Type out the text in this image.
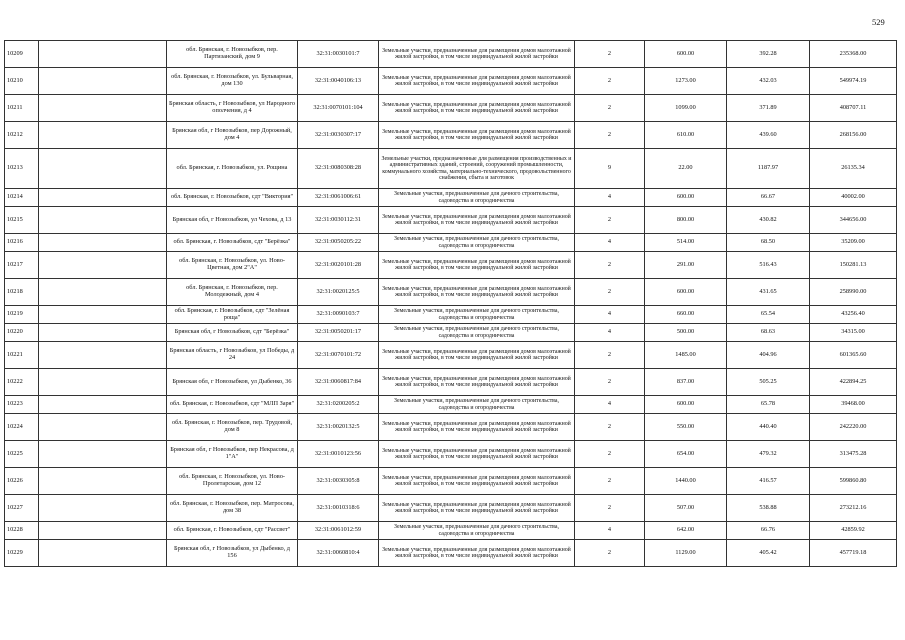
529
10209		обл. Брянская, г. Новозыбков, пер. Партизанский, дом 9	32:31:0030101:7	Земельные участки, предназначенные для размещения домов малоэтажной жилой застройки, в том числе индивидуальной жилой застройки	2	600.00	392.28	235368.00
10210		обл. Брянская, г. Новозыбков, ул. Бульварная, дом 130	32:31:0040106:13	Земельные участки, предназначенные для размещения домов малоэтажной жилой застройки, в том числе индивидуальной жилой застройки	2	1273.00	432.03	549974.19
10211		Брянская область, г Новозыбков, ул Народного ополчения, д 4	32:31:0070101:104	Земельные участки, предназначенные для размещения домов малоэтажной жилой застройки, в том числе индивидуальной жилой застройки	2	1099.00	371.89	408707.11
10212		Брянская обл, г Новозыбков, пер Дорожный, дом 4	32:31:0030307:17	Земельные участки, предназначенные для размещения домов малоэтажной жилой застройки, в том числе индивидуальной жилой застройки	2	610.00	439.60	268156.00
10213		обл. Брянская, г. Новозыбков, ул. Рощина	32:31:0080308:28	Земельные участки, предназначенные для размещения производственных и административных зданий, строений, сооружений промышленности, коммунального хозяйства, материально-технического, продовольственного снабжения, сбыта и заготовок	9	22.00	1187.97	26135.34
10214		обл. Брянская, г. Новозыбков, сдт "Виктория"	32:31:0061006:61	Земельные участки, предназначенные для дачного строительства, садоводства и огородничества	4	600.00	66.67	40002.00
10215		Брянская обл, г Новозыбков, ул Чехова, д 13	32:31:0030112:31	Земельные участки, предназначенные для размещения домов малоэтажной жилой застройки, в том числе индивидуальной жилой застройки	2	800.00	430.82	344656.00
10216		обл. Брянская, г. Новозыбков, сдт "Берёзка"	32:31:0050205:22	Земельные участки, предназначенные для дачного строительства, садоводства и огородничества	4	514.00	68.50	35209.00
10217		обл. Брянская, г. Новозыбков, ул. Ново-Цветная, дом 2"А"	32:31:0020101:28	Земельные участки, предназначенные для размещения домов малоэтажной жилой застройки, в том числе индивидуальной жилой застройки	2	291.00	516.43	150281.13
10218		обл. Брянская, г. Новозыбков, пер. Молодежный, дом 4	32:31:0020125:5	Земельные участки, предназначенные для размещения домов малоэтажной жилой застройки, в том числе индивидуальной жилой застройки	2	600.00	431.65	258990.00
10219		обл. Брянская, г. Новозыбков, сдт "Зелёная роща"	32:31:0090103:7	Земельные участки, предназначенные для дачного строительства, садоводства и огородничества	4	660.00	65.54	43256.40
10220		Брянская обл, г Новозыбков, сдт "Берёзка"	32:31:0050201:17	Земельные участки, предназначенные для дачного строительства, садоводства и огородничества	4	500.00	68.63	34315.00
10221		Брянская область, г Новозыбков, ул Победы, д 24	32:31:0070101:72	Земельные участки, предназначенные для размещения домов малоэтажной жилой застройки, в том числе индивидуальной жилой застройки	2	1485.00	404.96	601365.60
10222		Брянская обл, г Новозыбков, ул Дыбенко, 36	32:31:0060817:84	Земельные участки, предназначенные для размещения домов малоэтажной жилой застройки, в том числе индивидуальной жилой застройки	2	837.00	505.25	422894.25
10223		обл. Брянская, г. Новозыбков, сдт "МЛП Заря"	32:31:0200205:2	Земельные участки, предназначенные для дачного строительства, садоводства и огородничества	4	600.00	65.78	39468.00
10224		обл. Брянская, г. Новозыбков, пер. Трудовой, дом 8	32:31:0020132:5	Земельные участки, предназначенные для размещения домов малоэтажной жилой застройки, в том числе индивидуальной жилой застройки	2	550.00	440.40	242220.00
10225		Брянская обл, г Новозыбков, пер Некрасова, д 1"А"	32:31:0010123:56	Земельные участки, предназначенные для размещения домов малоэтажной жилой застройки, в том числе индивидуальной жилой застройки	2	654.00	479.32	313475.28
10226		обл. Брянская, г. Новозыбков, ул. Ново-Пролетарская, дом 12	32:31:0030305:8	Земельные участки, предназначенные для размещения домов малоэтажной жилой застройки, в том числе индивидуальной жилой застройки	2	1440.00	416.57	599860.80
10227		обл. Брянская, г. Новозыбков, пер. Матросова, дом 38	32:31:0010318:6	Земельные участки, предназначенные для размещения домов малоэтажной жилой застройки, в том числе индивидуальной жилой застройки	2	507.00	538.88	273212.16
10228		обл. Брянская, г. Новозыбков, сдт "Рассвет"	32:31:0061012:59	Земельные участки, предназначенные для дачного строительства, садоводства и огородничества	4	642.00	66.76	42859.92
10229		Брянская обл, г Новозыбков, ул Дыбенко, д 156	32:31:0060810:4	Земельные участки, предназначенные для размещения домов малоэтажной жилой застройки, в том числе индивидуальной жилой застройки	2	1129.00	405.42	457719.18
